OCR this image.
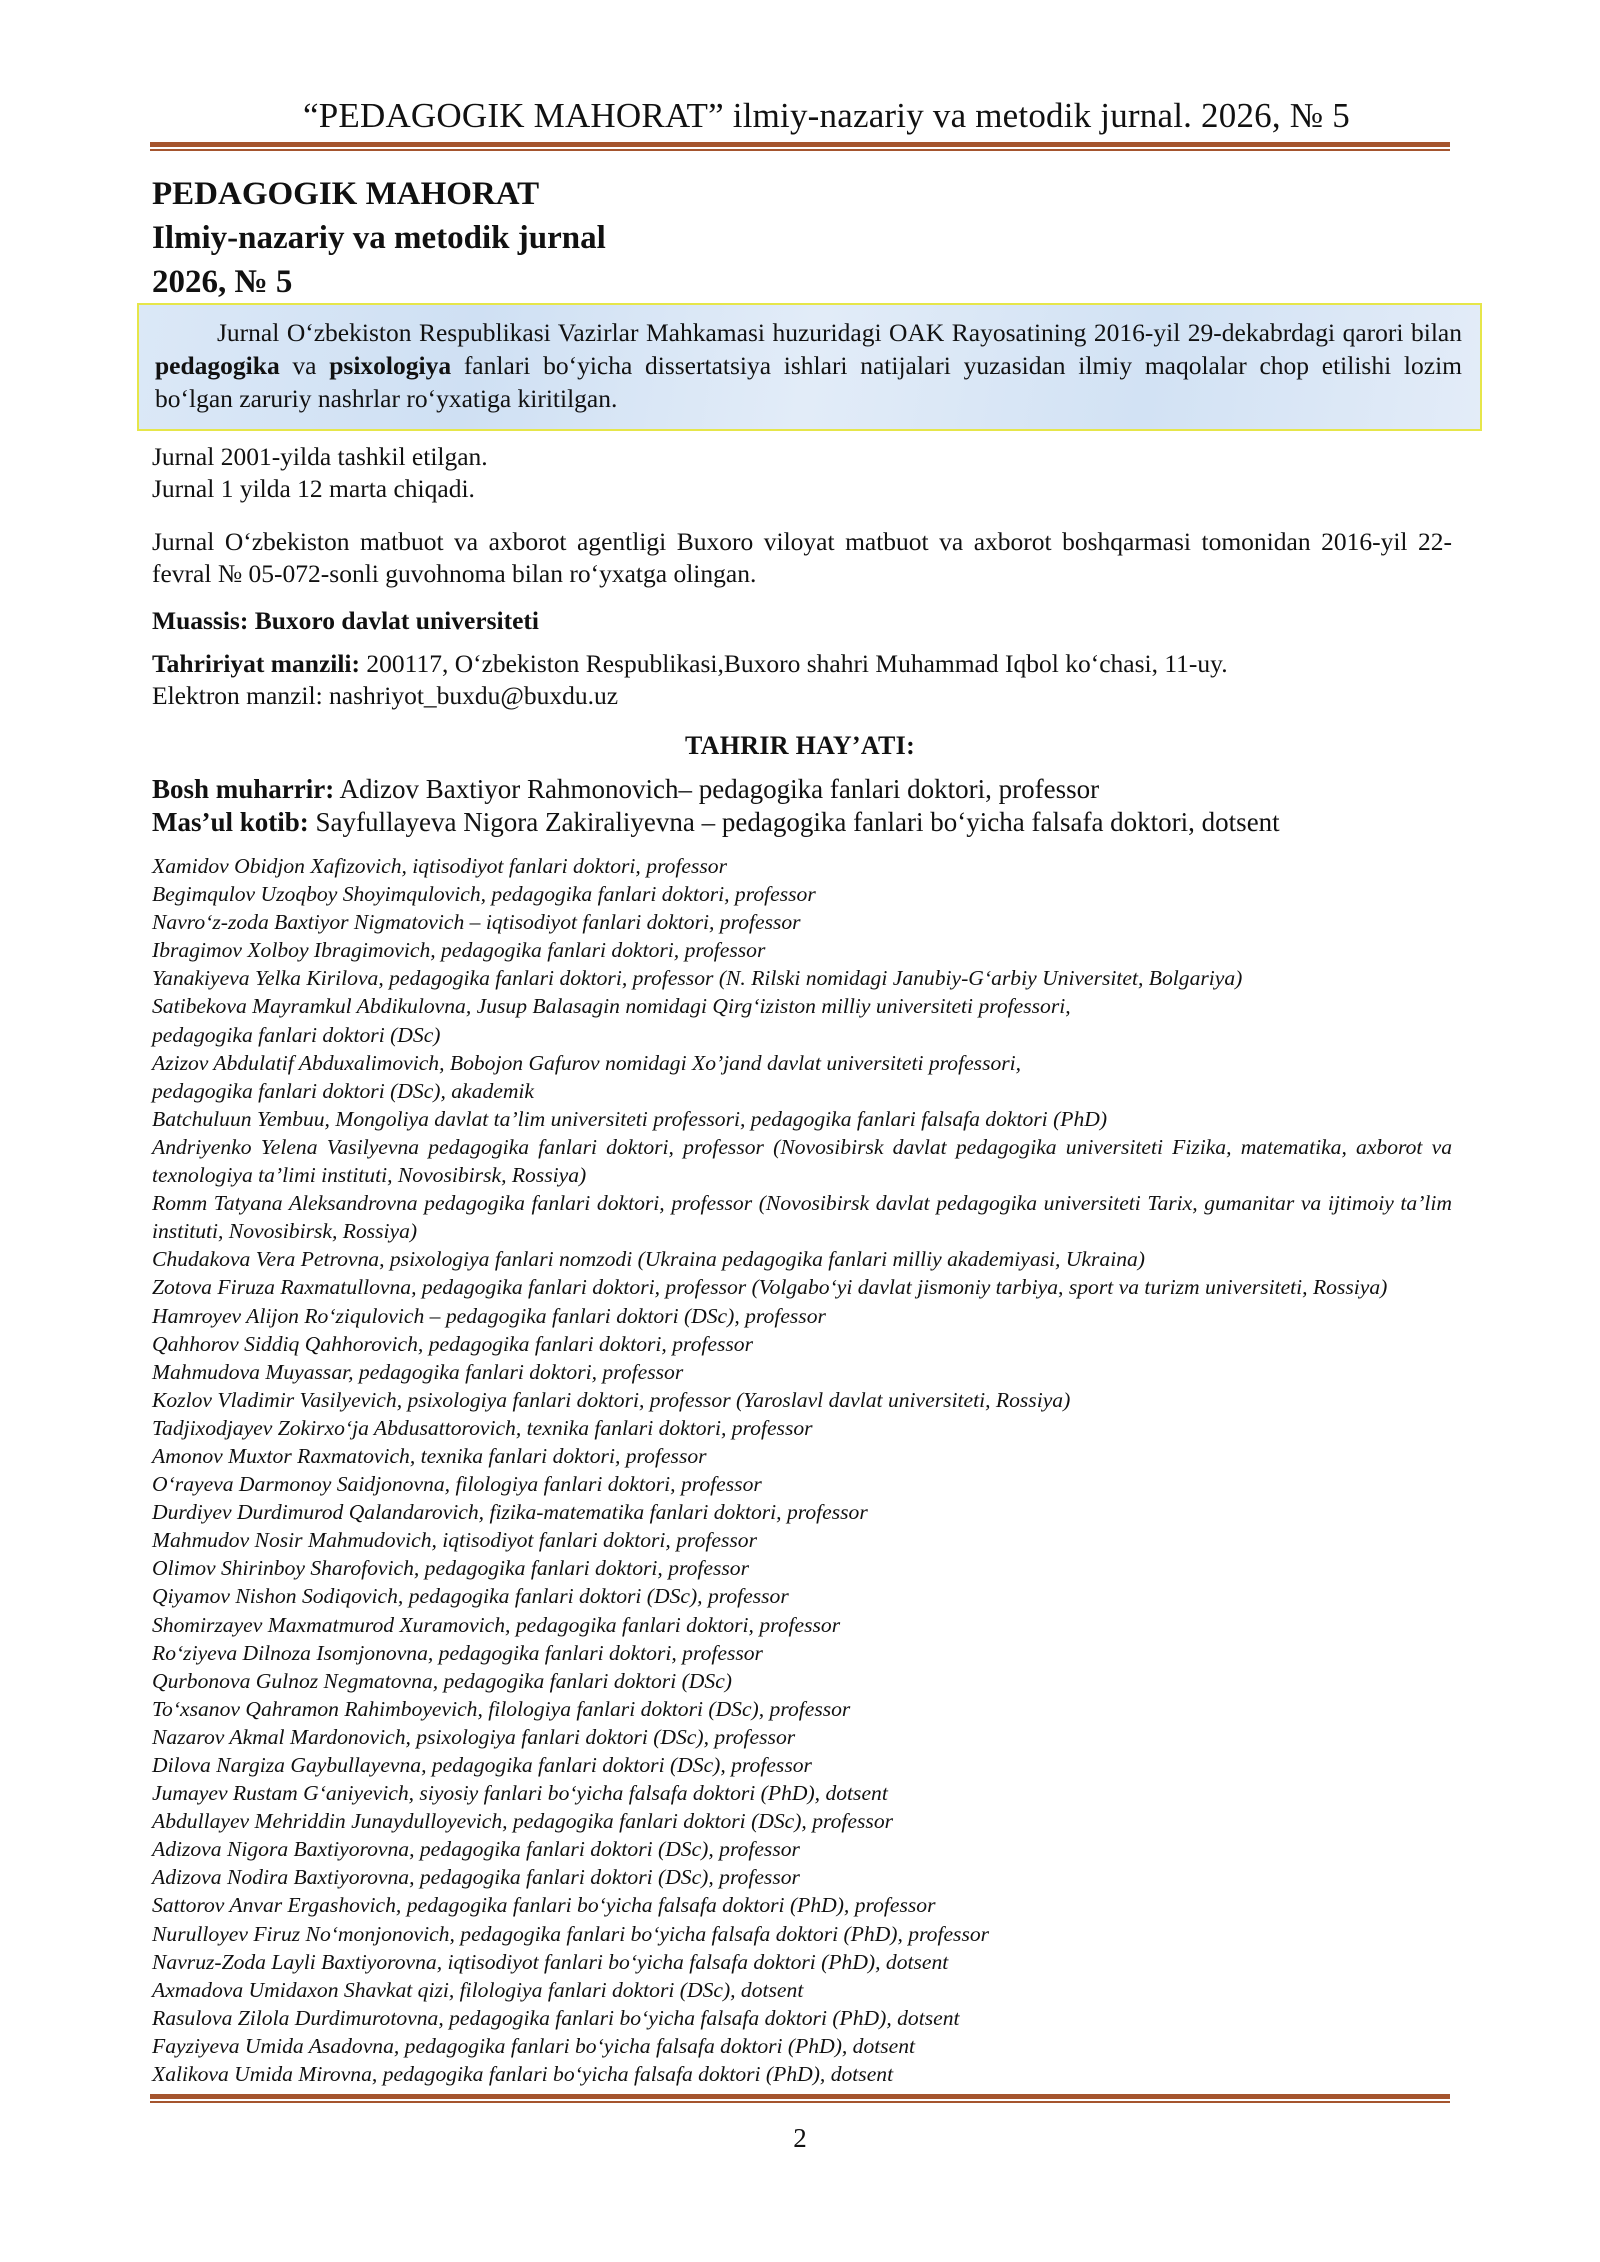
“PEDAGOGIK MAHORAT” ilmiy-nazariy va metodik jurnal. 2026, № 5
PEDAGOGIK MAHORAT
Ilmiy-nazariy va metodik jurnal
2026, № 5

Jurnal O‘zbekiston Respublikasi Vazirlar Mahkamasi huzuridagi OAK Rayosatining 2016-yil 29-dekabrdagi qarori bilan pedagogika va psixologiya fanlari bo‘yicha dissertatsiya ishlari natijalari yuzasidan ilmiy maqolalar chop etilishi lozim bo‘lgan zaruriy nashrlar ro‘yxatiga kiritilgan.

Jurnal 2001-yilda tashkil etilgan.

Jurnal 1 yilda 12 marta chiqadi.

Jurnal O‘zbekiston matbuot va axborot agentligi Buxoro viloyat matbuot va axborot boshqarmasi tomonidan 2016-yil 22-fevral № 05-072-sonli guvohnoma bilan ro‘yxatga olingan.

Muassis: Buxoro davlat universiteti

Tahririyat manzili: 200117, O‘zbekiston Respublikasi,Buxoro shahri Muhammad Iqbol ko‘chasi, 11-uy.

Elektron manzil: nashriyot_buxdu@buxdu.uz

TAHRIR HAY’ATI:
Bosh muharrir: Adizov Baxtiyor Rahmonovich– pedagogika fanlari doktori, professor
Mas’ul kotib: Sayfullayeva Nigora Zakiraliyevna – pedagogika fanlari bo‘yicha falsafa doktori, dotsent
Xamidov Obidjon Xafizovich, iqtisodiyot fanlari doktori, professor
Begimqulov Uzoqboy Shoyimqulovich, pedagogika fanlari doktori, professor
Navro‘z-zoda Baxtiyor Nigmatovich – iqtisodiyot fanlari doktori, professor
Ibragimov Xolboy Ibragimovich, pedagogika fanlari doktori, professor
Yanakiyeva Yelka Kirilova, pedagogika fanlari doktori, professor (N. Rilski nomidagi Janubiy-G‘arbiy Universitet, Bolgariya)
Satibekova Mayramkul Abdikulovna, Jusup Balasagin nomidagi Qirg‘iziston milliy universiteti professori,
pedagogika fanlari doktori (DSc)
Azizov Abdulatif Abduxalimovich, Bobojon Gafurov nomidagi Xo’jand davlat universiteti professori,
pedagogika fanlari doktori (DSc), akademik
Batchuluun Yembuu, Mongoliya davlat ta’lim universiteti professori, pedagogika fanlari falsafa doktori (PhD)
Andriyenko Yelena Vasilyevna pedagogika fanlari doktori, professor (Novosibirsk davlat pedagogika universiteti Fizika, matematika, axborot va texnologiya ta’limi instituti, Novosibirsk, Rossiya)
Romm Tatyana Aleksandrovna pedagogika fanlari doktori, professor (Novosibirsk davlat pedagogika universiteti Tarix, gumanitar va ijtimoiy ta’lim instituti, Novosibirsk, Rossiya)
Chudakova Vera Petrovna, psixologiya fanlari nomzodi (Ukraina pedagogika fanlari milliy akademiyasi, Ukraina)
Zotova Firuza Raxmatullovna, pedagogika fanlari doktori, professor (Volgabo‘yi davlat jismoniy tarbiya, sport va turizm universiteti, Rossiya)
Hamroyev Alijon Ro‘ziqulovich – pedagogika fanlari doktori (DSc), professor
Qahhorov Siddiq Qahhorovich, pedagogika fanlari doktori, professor
Mahmudova Muyassar, pedagogika fanlari doktori, professor
Kozlov Vladimir Vasilyevich, psixologiya fanlari doktori, professor (Yaroslavl davlat universiteti, Rossiya)
Tadjixodjayev Zokirxo‘ja Abdusattorovich, texnika fanlari doktori, professor
Amonov Muxtor Raxmatovich, texnika fanlari doktori, professor
O‘rayeva Darmonoy Saidjonovna, filologiya fanlari doktori, professor
Durdiyev Durdimurod Qalandarovich, fizika-matematika fanlari doktori, professor
Mahmudov Nosir Mahmudovich, iqtisodiyot fanlari doktori, professor
Olimov Shirinboy Sharofovich, pedagogika fanlari doktori, professor
Qiyamov Nishon Sodiqovich, pedagogika fanlari doktori (DSc), professor
Shomirzayev Maxmatmurod Xuramovich, pedagogika fanlari doktori, professor
Ro‘ziyeva Dilnoza Isomjonovna, pedagogika fanlari doktori, professor
Qurbonova Gulnoz Negmatovna, pedagogika fanlari doktori (DSc)
To‘xsanov Qahramon Rahimboyevich, filologiya fanlari doktori (DSc), professor
Nazarov Akmal Mardonovich, psixologiya fanlari doktori (DSc), professor
Dilova Nargiza Gaybullayevna, pedagogika fanlari doktori (DSc), professor
Jumayev Rustam G‘aniyevich, siyosiy fanlari bo‘yicha falsafa doktori (PhD), dotsent
Abdullayev Mehriddin Junaydulloyevich, pedagogika fanlari doktori (DSc), professor
Adizova Nigora Baxtiyorovna, pedagogika fanlari doktori (DSc), professor
Adizova Nodira Baxtiyorovna, pedagogika fanlari doktori (DSc), professor
Sattorov Anvar Ergashovich, pedagogika fanlari bo‘yicha falsafa doktori (PhD), professor
Nurulloyev Firuz No‘monjonovich, pedagogika fanlari bo‘yicha falsafa doktori (PhD), professor
Navruz-Zoda Layli Baxtiyorovna, iqtisodiyot fanlari bo‘yicha falsafa doktori (PhD), dotsent
Axmadova Umidaxon Shavkat qizi, filologiya fanlari doktori (DSc), dotsent
Rasulova Zilola Durdimurotovna, pedagogika fanlari bo‘yicha falsafa doktori (PhD), dotsent
Fayziyeva Umida Asadovna, pedagogika fanlari bo‘yicha falsafa doktori (PhD), dotsent
Xalikova Umida Mirovna, pedagogika fanlari bo‘yicha falsafa doktori (PhD), dotsent
2
